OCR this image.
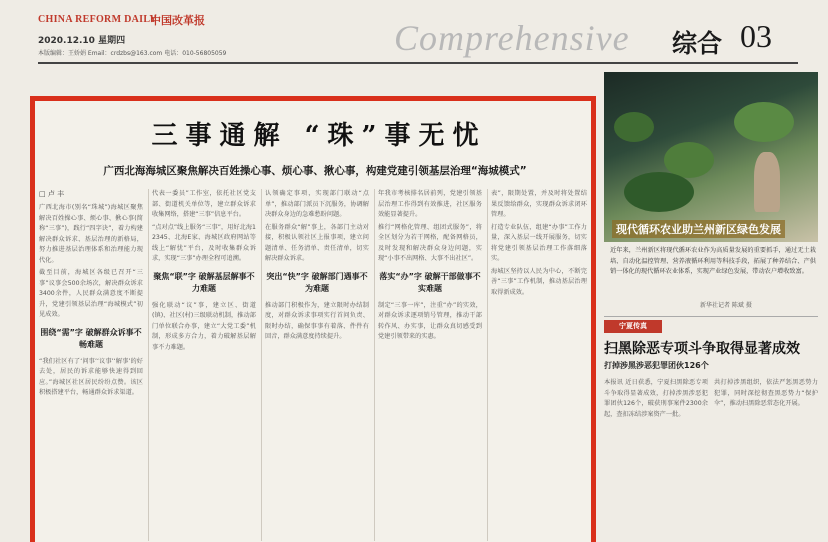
CHINA REFORM DAILY
中国改革报
2020.12.10 星期四
本版编辑：王娇娟 Email：crdzbs@163.com 电话：010-56805059	Comprehensive 综合 03
三事通解 “珠”事无忧
广西北海海城区聚焦解决百姓操心事、烦心事、揪心事，构建党建引领基层治理“海城模式”
□ 卢 丰

广西北海市(别名“珠城”)海城区聚焦解决百姓操心事、烦心事、揪心事(简称“三事”)，践行“四字诀”，着力构建解决群众诉求、基层治理的新格局，努力推进基层治理体系和治理能力现代化。

截至目前，海城区各级已召开“三事”议事会500余场次，解决群众诉求3400余件，人民群众满意度不断提升，党建引领基层治理“海城模式”初见成效。

围绕“需”字 破解群众诉事不畅难题

“我们社区有了‘问事’‘议事’‘解事’的好去处，居民的诉求能够快速得到回应。”海城区社区居民纷纷点赞。该区积极搭建平台，畅通群众诉求渠道。

代表一委员”工作室，依托社区党支部、街道机关单位等，建立群众诉求收集网络，搭建“三事”信息平台。

“点对点”线上服务“三事”，用好北海12345、北海E家、海城区政府网站等线上“解忧”平台，及时收集群众诉求，实现“三事”办理全程可追溯。

聚焦“联”字 破解基层解事不力难题

强化联动“议”事，建立区、街道(镇)、社区(村)三级联动机制，推动部门单位联合办事，建立“大党工委”机制，形成多方合力，着力破解基层解事不力难题。

认领确定事项，实现部门联动“点单”，推动部门派员下沉服务，协调解决群众身边的急难愁盼问题。

在服务群众“解”事上，各部门主动对接，积极认领社区上报事项，建立问题清单、任务清单、责任清单，切实解决群众诉求。

突出“快”字 破解部门遇事不为难题

推动部门积极作为，建立限时办结制度，对群众诉求事项实行首问负责、限时办结，确保事事有着落、件件有回音，群众满意度持续提升。

年我市考核排名居前列，党建引领基层治理工作得到有效推进，社区服务效能显著提升。

推行“网格化管理、组团式服务”，将全区划分为若干网格，配备网格员，及时发现和解决群众身边问题，实现“小事不出网格、大事不出社区”。

落实“办”字 破解干部做事不实难题

制定“三事一库”，注重“办”的实效，对群众诉求逐项销号管理，推动干部转作风、办实事，让群众真切感受到党建引领带来的实惠。

表”，限期处置，并及时将处置结果反馈给群众，实现群众诉求闭环管理。

打造专业队伍，组建“办事”工作力量，深入基层一线开展服务，切实将党建引领基层治理工作落细落实。

海城区坚持以人民为中心，不断完善“三事”工作机制，推动基层治理取得新成效。

现代循环农业助兰州新区绿色发展
近年来，兰州新区将现代循环农业作为高质量发展的重要抓手，通过无土栽培、自动化温控管理、营养液循环利用等科技手段，拓展了种养结合、产供销一体化的现代循环农业体系，实现产业绿色发展，带动农户增收致富。
新华社记者 陈斌 摄
宁夏传真
扫黑除恶专项斗争取得显著成效
打掉涉黑涉恶犯罪团伙126个

本报讯 近日获悉，宁夏扫黑除恶专项斗争取得显著成效，打掉涉黑涉恶犯罪团伙126个，破获刑事案件2300余起，查扣冻结涉案资产一批。

共打掉涉黑组织，依法严惩黑恶势力犯罪，同时深挖彻查黑恶势力“保护伞”，推动扫黑除恶常态化开展。
